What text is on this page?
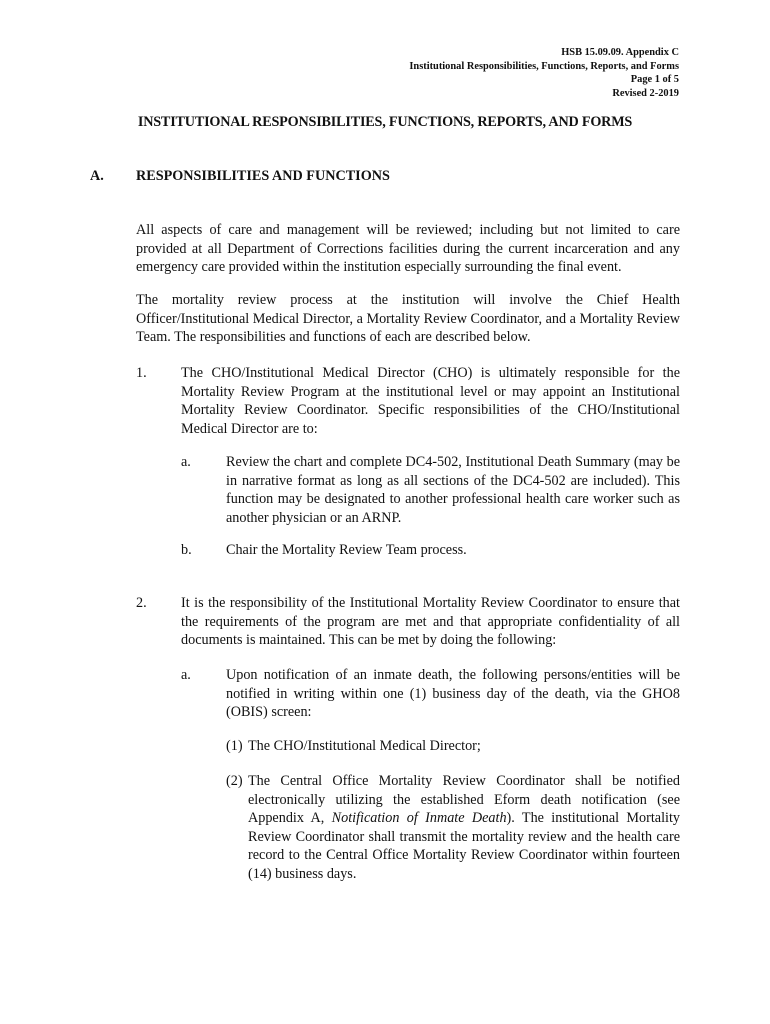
HSB 15.09.09. Appendix C
Institutional Responsibilities, Functions, Reports, and Forms
Page 1 of 5
Revised 2-2019
INSTITUTIONAL RESPONSIBILITIES, FUNCTIONS, REPORTS, AND FORMS
A. RESPONSIBILITIES AND FUNCTIONS

All aspects of care and management will be reviewed; including but not limited to care provided at all Department of Corrections facilities during the current incarceration and any emergency care provided within the institution especially surrounding the final event.

The mortality review process at the institution will involve the Chief Health Officer/Institutional Medical Director, a Mortality Review Coordinator, and a Mortality Review Team. The responsibilities and functions of each are described below.

1. The CHO/Institutional Medical Director (CHO) is ultimately responsible for the Mortality Review Program at the institutional level or may appoint an Institutional Mortality Review Coordinator. Specific responsibilities of the CHO/Institutional Medical Director are to:

a. Review the chart and complete DC4-502, Institutional Death Summary (may be in narrative format as long as all sections of the DC4-502 are included). This function may be designated to another professional health care worker such as another physician or an ARNP.

b. Chair the Mortality Review Team process.

2. It is the responsibility of the Institutional Mortality Review Coordinator to ensure that the requirements of the program are met and that appropriate confidentiality of all documents is maintained. This can be met by doing the following:

a. Upon notification of an inmate death, the following persons/entities will be notified in writing within one (1) business day of the death, via the GHO8 (OBIS) screen:

(1) The CHO/Institutional Medical Director;

(2) The Central Office Mortality Review Coordinator shall be notified electronically utilizing the established Eform death notification (see Appendix A, Notification of Inmate Death). The institutional Mortality Review Coordinator shall transmit the mortality review and the health care record to the Central Office Mortality Review Coordinator within fourteen (14) business days.
